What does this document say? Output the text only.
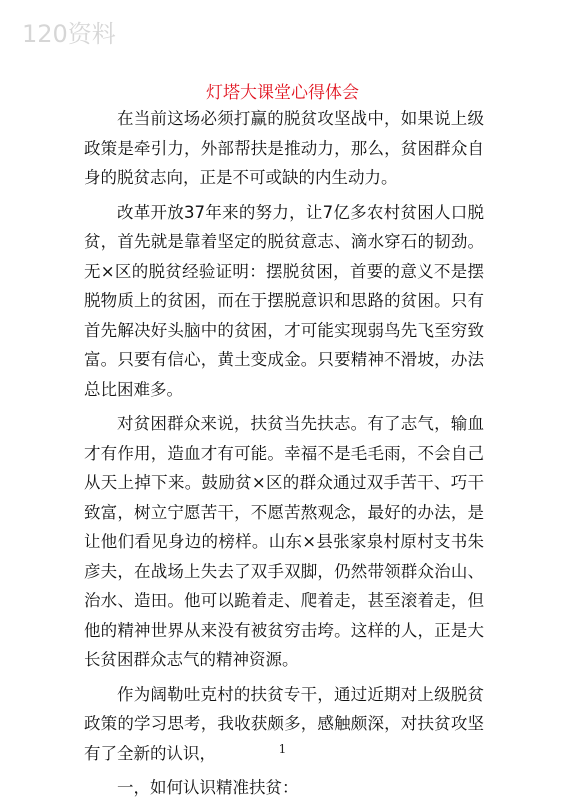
120资料
灯塔大课堂心得体会

在当前这场必须打赢的脱贫攻坚战中，如果说上级政策是牵引力，外部帮扶是推动力，那么，贫困群众自身的脱贫志向，正是不可或缺的内生动力。

改革开放37年来的努力，让7亿多农村贫困人口脱贫，首先就是靠着坚定的脱贫意志、滴水穿石的韧劲。无×区的脱贫经验证明：摆脱贫困，首要的意义不是摆脱物质上的贫困，而在于摆脱意识和思路的贫困。只有首先解决好头脑中的贫困，才可能实现弱鸟先飞至穷致富。只要有信心，黄土变成金。只要精神不滑坡，办法总比困难多。

对贫困群众来说，扶贫当先扶志。有了志气，输血才有作用，造血才有可能。幸福不是毛毛雨，不会自己从天上掉下来。鼓励贫×区的群众通过双手苦干、巧干致富，树立宁愿苦干，不愿苦熬观念，最好的办法，是让他们看见身边的榜样。山东×县张家泉村原村支书朱彦夫，在战场上失去了双手双脚，仍然带领群众治山、治水、造田。他可以跪着走、爬着走，甚至滚着走，但他的精神世界从来没有被贫穷击垮。这样的人，正是大长贫困群众志气的精神资源。

作为阔勒吐克村的扶贫专干，通过近期对上级脱贫政策的学习思考，我收获颇多，感触颇深，对扶贫攻坚有了全新的认识，

一，如何认识精准扶贫：

1
